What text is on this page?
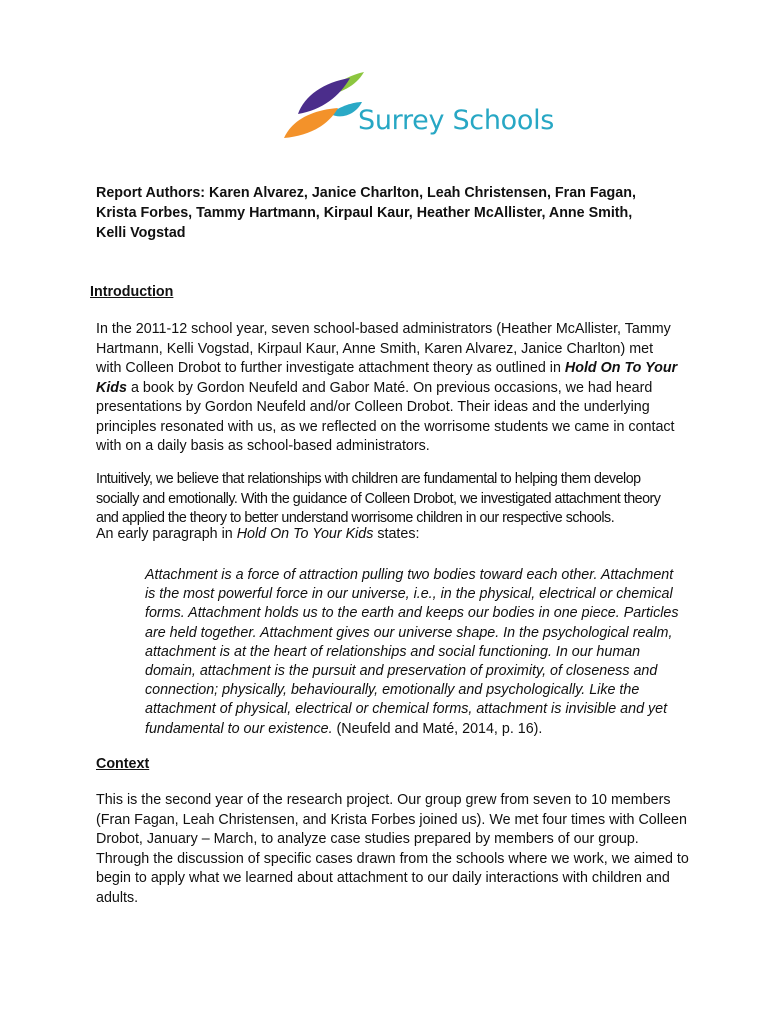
Surrey Schools
Report Authors: Karen Alvarez, Janice Charlton, Leah Christensen, Fran Fagan,
Krista Forbes, Tammy Hartmann, Kirpaul Kaur, Heather McAllister, Anne Smith,
Kelli Vogstad
Introduction
In the 2011-12 school year, seven school-based administrators (Heather McAllister, Tammy
Hartmann, Kelli Vogstad, Kirpaul Kaur, Anne Smith, Karen Alvarez, Janice Charlton) met
with Colleen Drobot to further investigate attachment theory as outlined in Hold On To Your
Kids a book by Gordon Neufeld and Gabor Maté. On previous occasions, we had heard
presentations by Gordon Neufeld and/or Colleen Drobot. Their ideas and the underlying
principles resonated with us, as we reflected on the worrisome students we came in contact
with on a daily basis as school-based administrators.
Intuitively, we believe that relationships with children are fundamental to helping them develop
socially and emotionally. With the guidance of Colleen Drobot, we investigated attachment theory
and applied the theory to better understand worrisome children in our respective schools.
An early paragraph in Hold On To Your Kids states:
Attachment is a force of attraction pulling two bodies toward each other. Attachment
is the most powerful force in our universe, i.e., in the physical, electrical or chemical
forms. Attachment holds us to the earth and keeps our bodies in one piece. Particles
are held together. Attachment gives our universe shape. In the psychological realm,
attachment is at the heart of relationships and social functioning. In our human
domain, attachment is the pursuit and preservation of proximity, of closeness and
connection; physically, behaviourally, emotionally and psychologically. Like the
attachment of physical, electrical or chemical forms, attachment is invisible and yet
fundamental to our existence. (Neufeld and Maté, 2014, p. 16).
Context
This is the second year of the research project. Our group grew from seven to 10 members
(Fran Fagan, Leah Christensen, and Krista Forbes joined us). We met four times with Colleen
Drobot, January – March, to analyze case studies prepared by members of our group.
Through the discussion of specific cases drawn from the schools where we work, we aimed to
begin to apply what we learned about attachment to our daily interactions with children and
adults.
